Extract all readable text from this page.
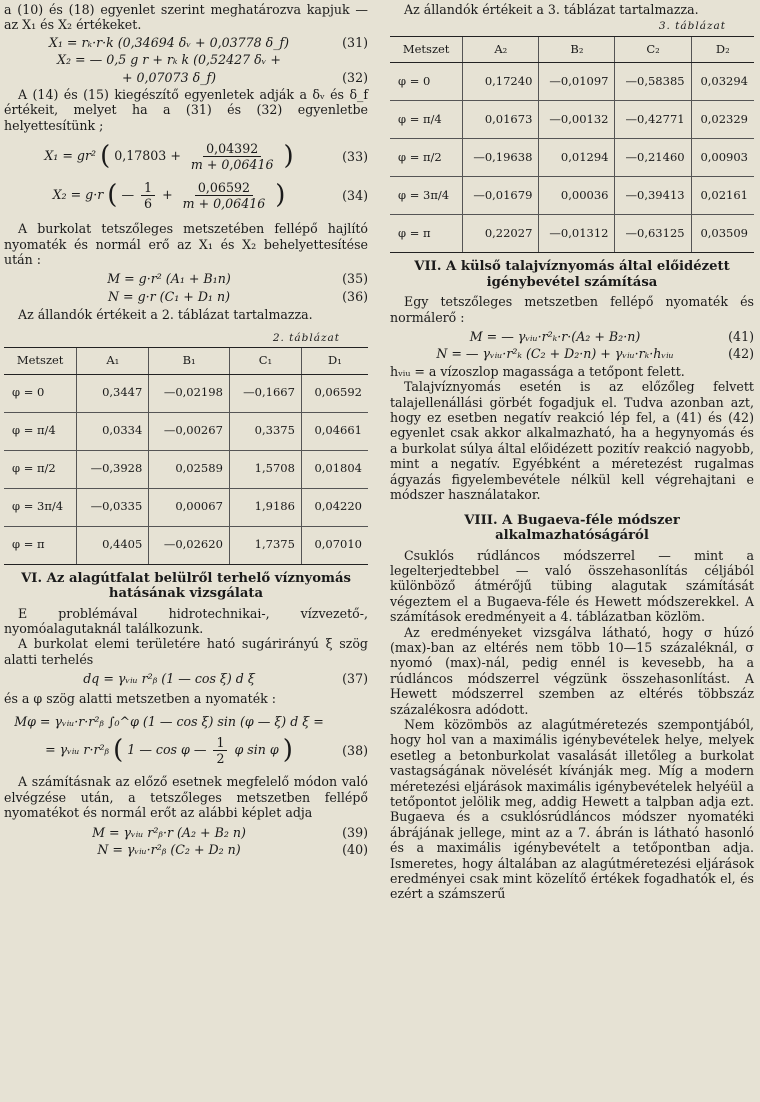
a (10) és (18) egyenlet szerint meghatározva kapjuk — az X₁ és X₂ értékeket.

X₁ = rₖ·r·k (0,34694 δᵥ + 0,03778 δ_f)	(31)
X₂ = — 0,5 g r + rₖ k (0,52427 δᵥ +
+ 0,07073 δ_f)	(32)

A (14) és (15) kiegészítő egyenletek adják a δᵥ és δ_f értékeit, melyet ha a (31) és (32) egyenletbe helyettesítünk ;

X₁ = gr² ( $0,17803 + \frac{0,04392}{m + 0,06416}$ )	(33)
X₂ = g·r ( — $\frac{1}{6} + \frac{0,06592}{m + 0,06416}$ )	(34)

A burkolat tetszőleges metszetében fellépő hajlító nyomaték és normál erő az X₁ és X₂ behelyettesítése után :

M = g·r² (A₁ + B₁n)	(35)
N = g·r (C₁ + D₁ n)	(36)

Az állandók értékeit a 2. táblázat tartalmazza.

2. táblázat
Metszet	A₁	B₁	C₁	D₁
φ = 0	0,3447	—0,02198	—0,1667	0,06592
φ = π/4	0,0334	—0,00267	0,3375	0,04661
φ = π/2	—0,3928	0,02589	1,5708	0,01804
φ = 3π/4	—0,0335	0,00067	1,9186	0,04220
φ = π	0,4405	—0,02620	1,7375	0,07010
VI. Az alagútfalat belülről terhelő víznyomás hatásának vizsgálata

E problémával hidrotechnikai-, vízvezető-, nyomóalagutaknál találkozunk.

A burkolat elemi területére ható sugárirányú ξ szög alatti terhelés

dq = γᵥᵢᵤ r²ᵦ (1 — cos ξ) d ξ	(37)

és a φ szög alatti metszetben a nyomaték :

Mφ = γᵥᵢᵤ·r·r²ᵦ ∫₀^φ (1 — cos ξ) sin (φ — ξ) d ξ =
= γᵥᵢᵤ r·r²ᵦ ( 1 — cos φ — $\frac{1}{2}$ φ sin φ )	(38)

A számításnak az előző esetnek megfelelő módon való elvégzése után, a tetszőleges metszetben fellépő nyomatékot és normál erőt az alábbi képlet adja

M = γᵥᵢᵤ r²ᵦ·r (A₂ + B₂ n)	(39)
N = γᵥᵢᵤ·r²ᵦ (C₂ + D₂ n)	(40)

Az állandók értékeit a 3. táblázat tartalmazza.

3. táblázat
Metszet	A₂	B₂	C₂	D₂
φ = 0	0,17240	—0,01097	—0,58385	0,03294
φ = π/4	0,01673	—0,00132	—0,42771	0,02329
φ = π/2	—0,19638	0,01294	—0,21460	0,00903
φ = 3π/4	—0,01679	0,00036	—0,39413	0,02161
φ = π	0,22027	—0,01312	—0,63125	0,03509
VII. A külső talajvíznyomás által előidézett igénybevétel számítása

Egy tetszőleges metszetben fellépő nyomaték és normálerő :

M = — γᵥᵢᵤ·r²ₖ·r·(A₂ + B₂·n)	(41)
N = — γᵥᵢᵤ·r²ₖ (C₂ + D₂·n) + γᵥᵢᵤ·rₖ·hᵥᵢᵤ	(42)

hᵥᵢᵤ = a vízoszlop magassága a tetőpont felett.

Talajvíznyomás esetén is az előzőleg felvett talajellenállási görbét fogadjuk el. Tudva azonban azt, hogy ez esetben negatív reakció lép fel, a (41) és (42) egyenlet csak akkor alkalmazható, ha a hegynyomás és a burkolat súlya által előidézett pozitív reakció nagyobb, mint a negatív. Egyébként a méretezést rugalmas ágyazás figyelembevétele nélkül kell végrehajtani e módszer használatakor.

VIII. A Bugaeva-féle módszer alkalmazhatóságáról

Csuklós rúdláncos módszerrel — mint a legelterjedtebbel — való összehasonlítás céljából különböző átmérőjű tübing alagutak számítását végeztem el a Bugaeva-féle és Hewett módszerekkel. A számítások eredményeit a 4. táblázatban közlöm.

Az eredményeket vizsgálva látható, hogy σ húzó (max)-ban az eltérés nem több 10—15 százaléknál, σ nyomó (max)-nál, pedig ennél is kevesebb, ha a rúdláncos módszerrel végzünk összehasonlítást. A Hewett módszerrel szemben az eltérés többszáz százalékosra adódott.

Nem közömbös az alagútméretezés szempontjából, hogy hol van a maximális igénybevételek helye, melyek esetleg a betonburkolat vasalását illetőleg a burkolat vastagságának növelését kívánják meg. Míg a modern méretezési eljárások maximális igénybevételek helyéül a tetőpontot jelölik meg, addig Hewett a talpban adja ezt. Bugaeva és a csuklósrúdláncos módszer nyomatéki ábrájának jellege, mint az a 7. ábrán is látható hasonló és a maximális igénybevételt a tetőpontban adja. Ismeretes, hogy általában az alagútméretezési eljárások eredményei csak mint közelítő értékek fogadhatók el, és ezért a számszerű
